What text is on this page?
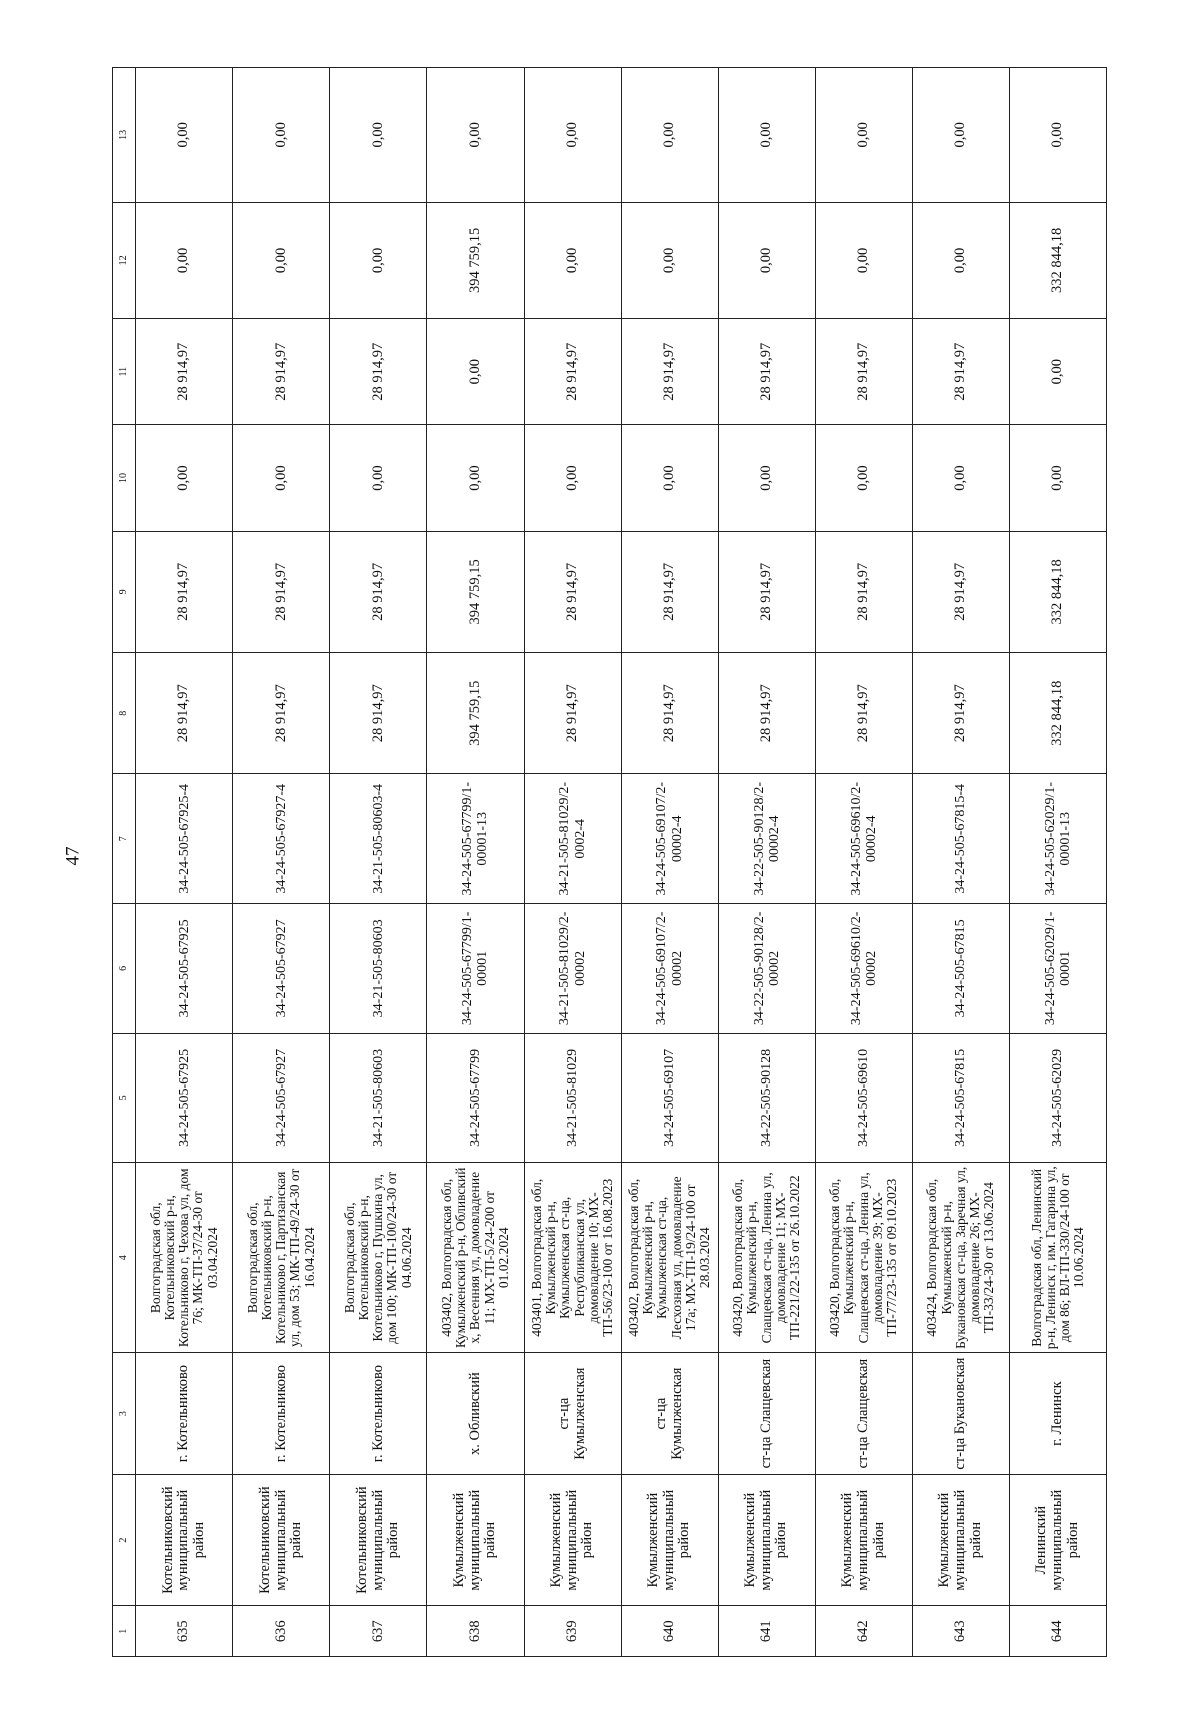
47
1	2	3	4	5	6	7	8	9	10	11	12	13
635	Котельниковский муниципальный район	г. Котельниково	Волгоградская обл, Котельниковский р-н, Котельниково г, Чехова ул, дом 76; МК-ТП-37/24-30 от 03.04.2024	34-24-505-67925	34-24-505-67925	34-24-505-67925-4	28 914,97	28 914,97	0,00	28 914,97	0,00	0,00
636	Котельниковский муниципальный район	г. Котельниково	Волгоградская обл, Котельниковский р-н, Котельниково г, Партизанская ул, дом 53; МК-ТП-49/24-30 от 16.04.2024	34-24-505-67927	34-24-505-67927	34-24-505-67927-4	28 914,97	28 914,97	0,00	28 914,97	0,00	0,00
637	Котельниковский муниципальный район	г. Котельниково	Волгоградская обл, Котельниковский р-н, Котельниково г, Пушкина ул, дом 100; МК-ТП-100/24-30 от 04.06.2024	34-21-505-80603	34-21-505-80603	34-21-505-80603-4	28 914,97	28 914,97	0,00	28 914,97	0,00	0,00
638	Кумылженский муниципальный район	х. Обливский	403402, Волгоградская обл, Кумылженский р-н, Обливский х, Весенняя ул, домовладение 11; МХ-ТП-5/24-200 от 01.02.2024	34-24-505-67799	34-24-505-67799/1-00001	34-24-505-67799/1-00001-13	394 759,15	394 759,15	0,00	0,00	394 759,15	0,00
639	Кумылженский муниципальный район	ст-ца Кумылженская	403401, Волгоградская обл, Кумылженский р-н, Кумылженская ст-ца, Республиканская ул, домовладение 10; МХ-ТП-56/23-100 от 16.08.2023	34-21-505-81029	34-21-505-81029/2-00002	34-21-505-81029/2-0002-4	28 914,97	28 914,97	0,00	28 914,97	0,00	0,00
640	Кумылженский муниципальный район	ст-ца Кумылженская	403402, Волгоградская обл, Кумылженский р-н, Кумылженская ст-ца, Лесхозная ул, домовладение 17а; МХ-ТП-19/24-100 от 28.03.2024	34-24-505-69107	34-24-505-69107/2-00002	34-24-505-69107/2-00002-4	28 914,97	28 914,97	0,00	28 914,97	0,00	0,00
641	Кумылженский муниципальный район	ст-ца Слащевская	403420, Волгоградская обл, Кумылженский р-н, Слащевская ст-ца, Ленина ул, домовладение 11; МХ-ТП-221/22-135 от 26.10.2022	34-22-505-90128	34-22-505-90128/2-00002	34-22-505-90128/2-00002-4	28 914,97	28 914,97	0,00	28 914,97	0,00	0,00
642	Кумылженский муниципальный район	ст-ца Слащевская	403420, Волгоградская обл, Кумылженский р-н, Слащевская ст-ца, Ленина ул, домовладение 39; МХ-ТП-77/23-135 от 09.10.2023	34-24-505-69610	34-24-505-69610/2-00002	34-24-505-69610/2-00002-4	28 914,97	28 914,97	0,00	28 914,97	0,00	0,00
643	Кумылженский муниципальный район	ст-ца Букановская	403424, Волгоградская обл, Кумылженский р-н, Букановская ст-ца, Заречная ул, домовладение 26; МХ-ТП-33/24-30 от 13.06.2024	34-24-505-67815	34-24-505-67815	34-24-505-67815-4	28 914,97	28 914,97	0,00	28 914,97	0,00	0,00
644	Ленинский муниципальный район	г. Ленинск	Волгоградская обл, Ленинский р-н, Ленинск г, им. Гагарина ул, дом 86; ВЛ-ТП-330/24-100 от 10.06.2024	34-24-505-62029	34-24-505-62029/1-00001	34-24-505-62029/1-00001-13	332 844,18	332 844,18	0,00	0,00	332 844,18	0,00
